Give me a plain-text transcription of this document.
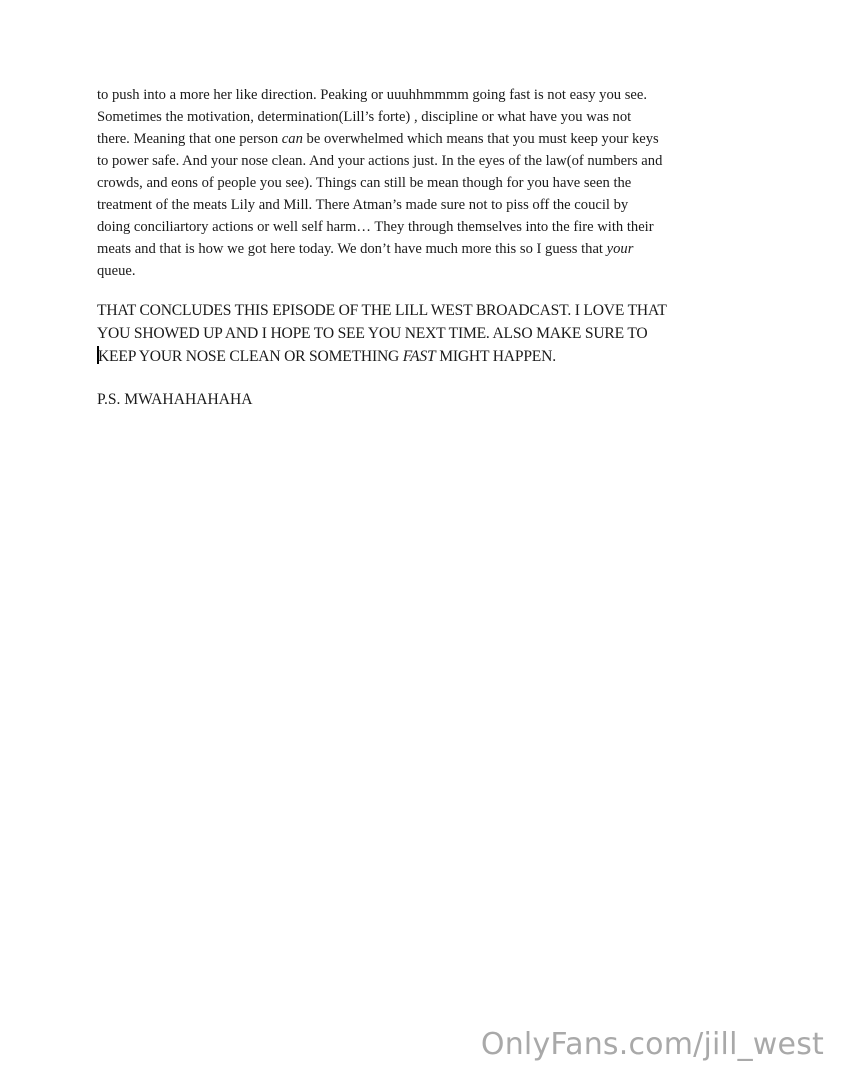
to push into a more her like direction. Peaking or uuuhhmmmm going fast is not easy you see.
Sometimes the motivation, determination(Lill’s forte) , discipline or what have you was not
there. Meaning that one person can be overwhelmed which means that you must keep your keys
to power safe. And your nose clean. And your actions just. In the eyes of the law(of numbers and
crowds, and eons of people you see). Things can still be mean though for you have seen the
treatment of the meats Lily and Mill. There Atman’s made sure not to piss off the coucil by
doing conciliartory actions or well self harm… They through themselves into the fire with their
meats and that is how we got here today. We don’t have much more this so I guess that your
queue.

THAT CONCLUDES THIS EPISODE OF THE LILL WEST BROADCAST. I LOVE THAT
YOU SHOWED UP AND I HOPE TO SEE YOU NEXT TIME. ALSO MAKE SURE TO
KEEP YOUR NOSE CLEAN OR SOMETHING FAST MIGHT HAPPEN.

P.S. MWAHAHAHAHA

OnlyFans.com/jill_west
